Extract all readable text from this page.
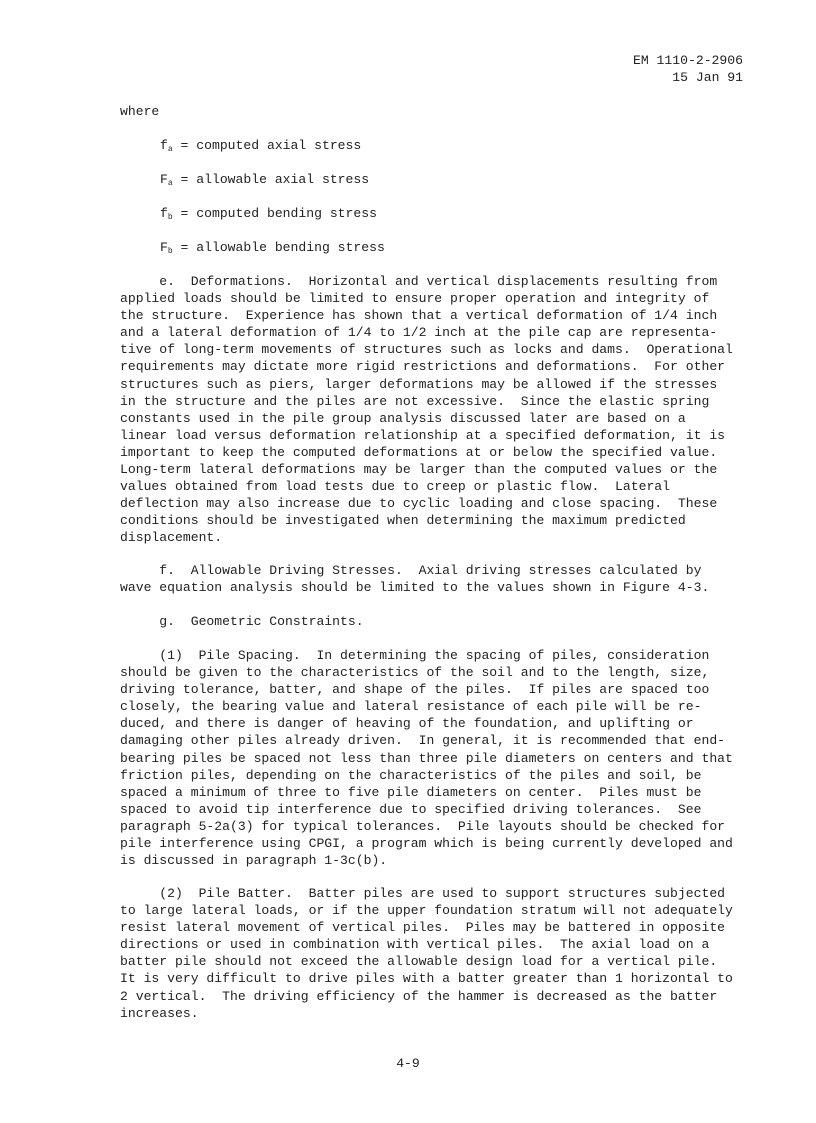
EM 1110-2-2906
15 Jan 91
where
$f_a$ = computed axial stress
$F_a$ = allowable axial stress
$f_b$ = computed bending stress
$F_b$ = allowable bending stress

e.  Deformations.  Horizontal and vertical displacements resulting from
applied loads should be limited to ensure proper operation and integrity of
the structure.  Experience has shown that a vertical deformation of 1/4 inch
and a lateral deformation of 1/4 to 1/2 inch at the pile cap are representa-
tive of long-term movements of structures such as locks and dams.  Operational
requirements may dictate more rigid restrictions and deformations.  For other
structures such as piers, larger deformations may be allowed if the stresses
in the structure and the piles are not excessive.  Since the elastic spring
constants used in the pile group analysis discussed later are based on a
linear load versus deformation relationship at a specified deformation, it is
important to keep the computed deformations at or below the specified value.
Long-term lateral deformations may be larger than the computed values or the
values obtained from load tests due to creep or plastic flow.  Lateral
deflection may also increase due to cyclic loading and close spacing.  These
conditions should be investigated when determining the maximum predicted
displacement.

f.  Allowable Driving Stresses.  Axial driving stresses calculated by
wave equation analysis should be limited to the values shown in Figure 4-3.

g.  Geometric Constraints.

(1)  Pile Spacing.  In determining the spacing of piles, consideration
should be given to the characteristics of the soil and to the length, size,
driving tolerance, batter, and shape of the piles.  If piles are spaced too
closely, the bearing value and lateral resistance of each pile will be re-
duced, and there is danger of heaving of the foundation, and uplifting or
damaging other piles already driven.  In general, it is recommended that end-
bearing piles be spaced not less than three pile diameters on centers and that
friction piles, depending on the characteristics of the piles and soil, be
spaced a minimum of three to five pile diameters on center.  Piles must be
spaced to avoid tip interference due to specified driving tolerances.  See
paragraph 5-2a(3) for typical tolerances.  Pile layouts should be checked for
pile interference using CPGI, a program which is being currently developed and
is discussed in paragraph 1-3c(b).

(2)  Pile Batter.  Batter piles are used to support structures subjected
to large lateral loads, or if the upper foundation stratum will not adequately
resist lateral movement of vertical piles.  Piles may be battered in opposite
directions or used in combination with vertical piles.  The axial load on a
batter pile should not exceed the allowable design load for a vertical pile.
It is very difficult to drive piles with a batter greater than 1 horizontal to
2 vertical.  The driving efficiency of the hammer is decreased as the batter
increases.

4-9
